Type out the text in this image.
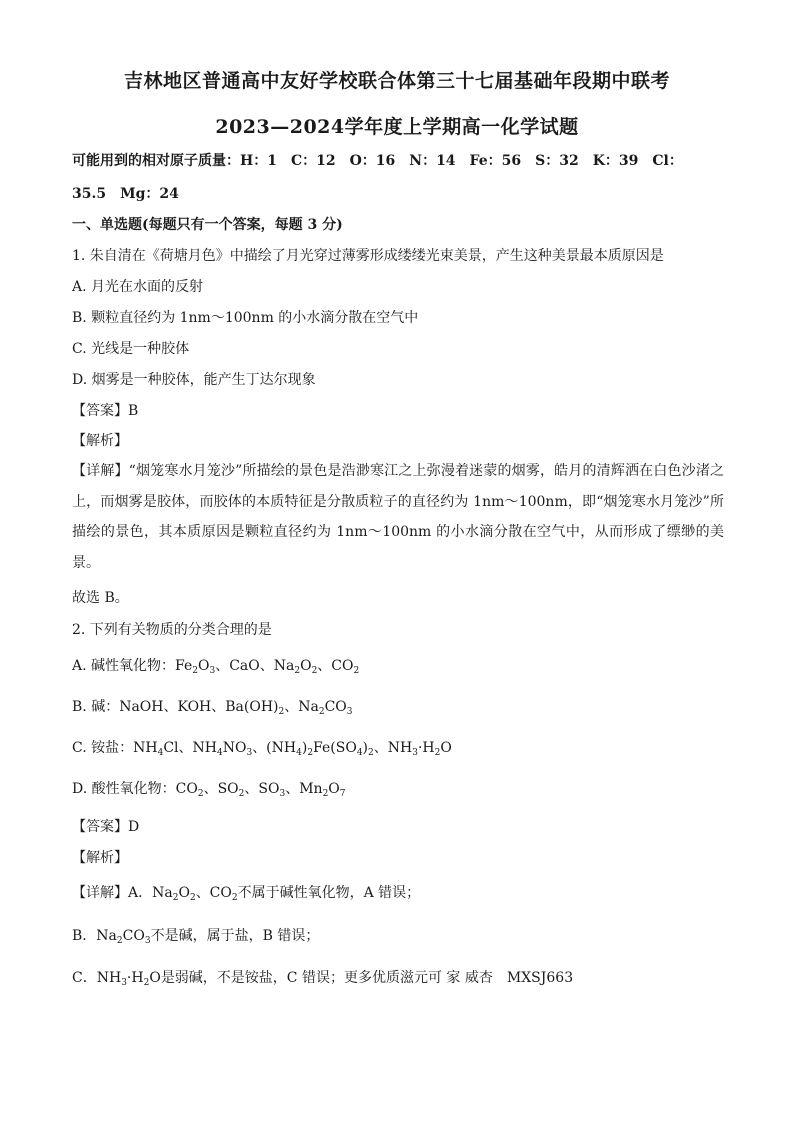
吉林地区普通高中友好学校联合体第三十七届基础年段期中联考
2023—2024学年度上学期高一化学试题
可能用到的相对原子质量：H：1　C：12　O：16　N：14　Fe：56　S：32　K：39　Cl：
35.5　Mg：24
一、单选题(每题只有一个答案，每题 3 分)
1. 朱自清在《荷塘月色》中描绘了月光穿过薄雾形成缕缕光束美景，产生这种美景最本质原因是
A. 月光在水面的反射
B. 颗粒直径约为 1nm～100nm 的小水滴分散在空气中
C. 光线是一种胶体
D. 烟雾是一种胶体，能产生丁达尔现象
【答案】B
【解析】

【详解】“烟笼寒水月笼沙”所描绘的景色是浩渺寒江之上弥漫着迷蒙的烟雾，皓月的清辉洒在白色沙渚之上，而烟雾是胶体，而胶体的本质特征是分散质粒子的直径约为 1nm～100nm，即“烟笼寒水月笼沙”所描绘的景色，其本质原因是颗粒直径约为 1nm～100nm 的小水滴分散在空气中，从而形成了缥缈的美景。

故选 B。
2. 下列有关物质的分类合理的是
A. 碱性氧化物：$Fe_2O_3$、CaO、$Na_2O_2$、$CO_2$
B. 碱：NaOH、KOH、$Ba(OH)_2$、$Na_2CO_3$
C. 铵盐：$NH_4Cl$、$NH_4NO_3$、$(NH_4)_2Fe(SO_4)_2$、$NH_3\cdot H_2O$
D. 酸性氧化物：$CO_2$、$SO_2$、$SO_3$、$Mn_2O_7$
【答案】D
【解析】
【详解】A．$Na_2O_2$、$CO_2$不属于碱性氧化物，A 错误；
B．$Na_2CO_3$不是碱，属于盐，B 错误；
C．$NH_3\cdot H_2O$是弱碱，不是铵盐，C 错误；更多优质滋元可 家 威杏　MXSJ663
